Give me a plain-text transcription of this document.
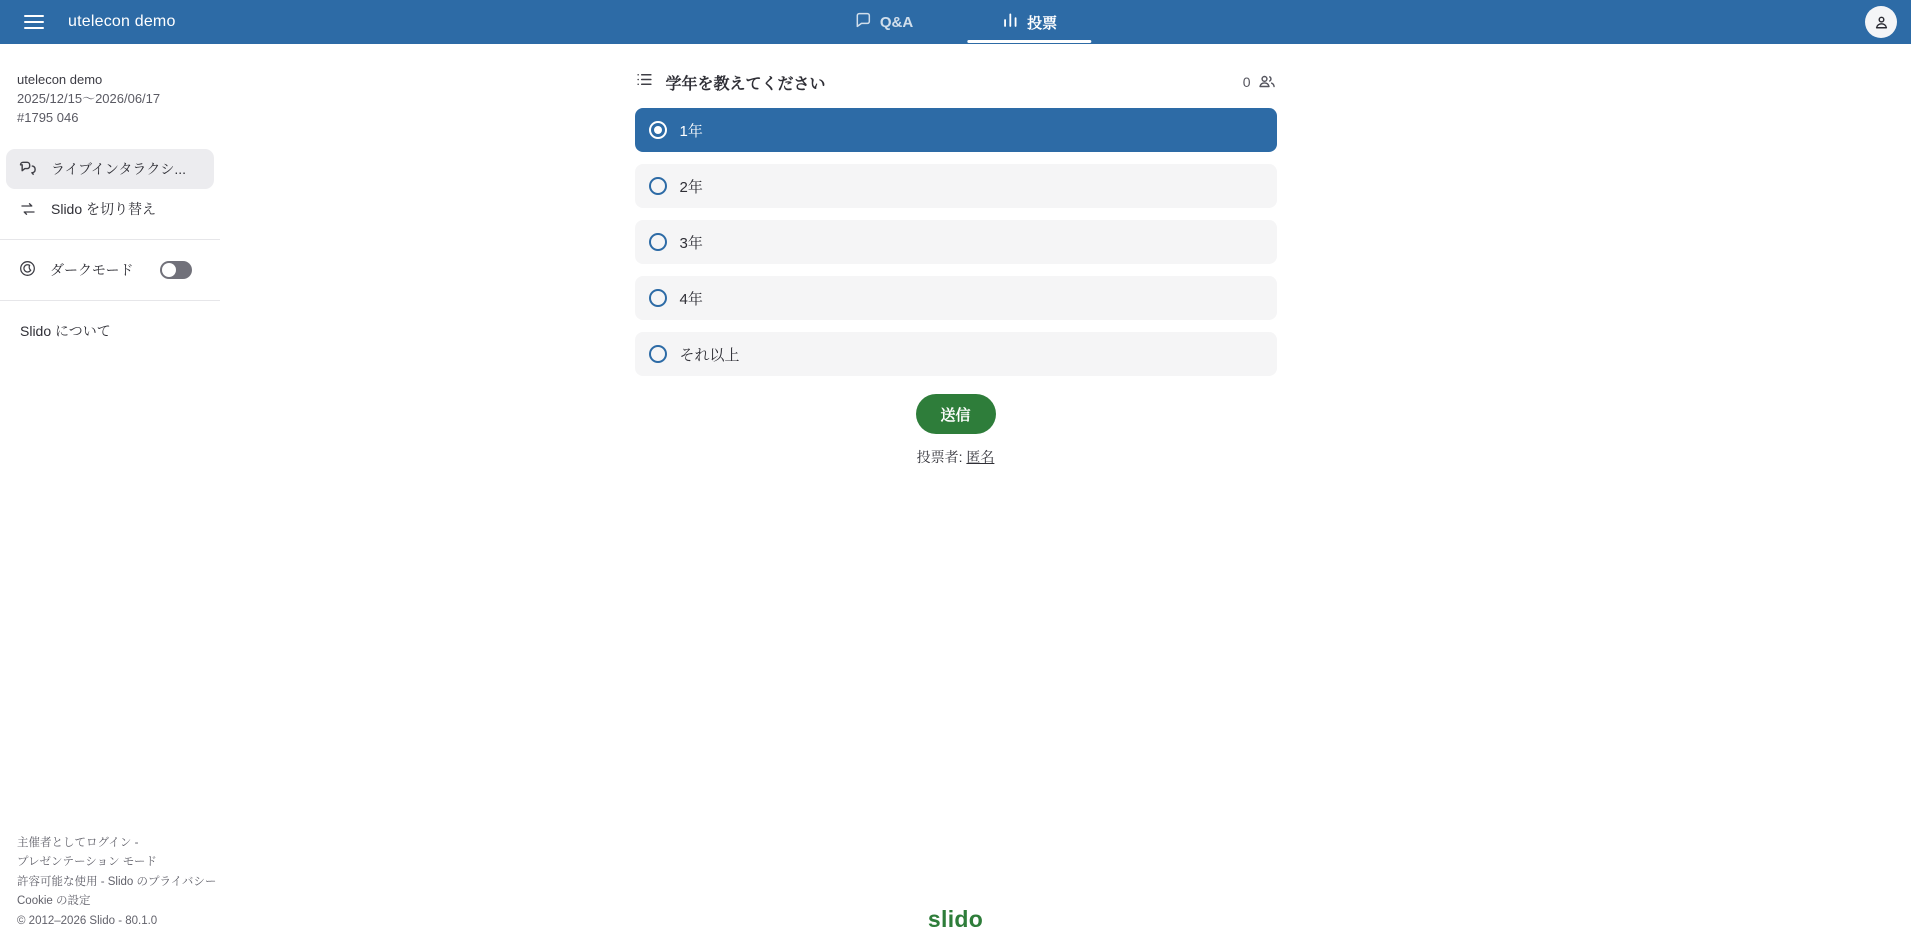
utelecon demo	Q&A	投票
utelecon demo
2025/12/15〜2026/06/17
#1795 046
ライブインタラクシ...
Slido を切り替え
ダークモード
Slido について
主催者としてログイン -
プレゼンテーション モード
許容可能な使用 - Slido のプライバシー
Cookie の設定
© 2012–2026 Slido - 80.1.0
学年を教えてください	0
1年
2年
3年
4年
それ以上
送信
投票者: 匿名
slido
